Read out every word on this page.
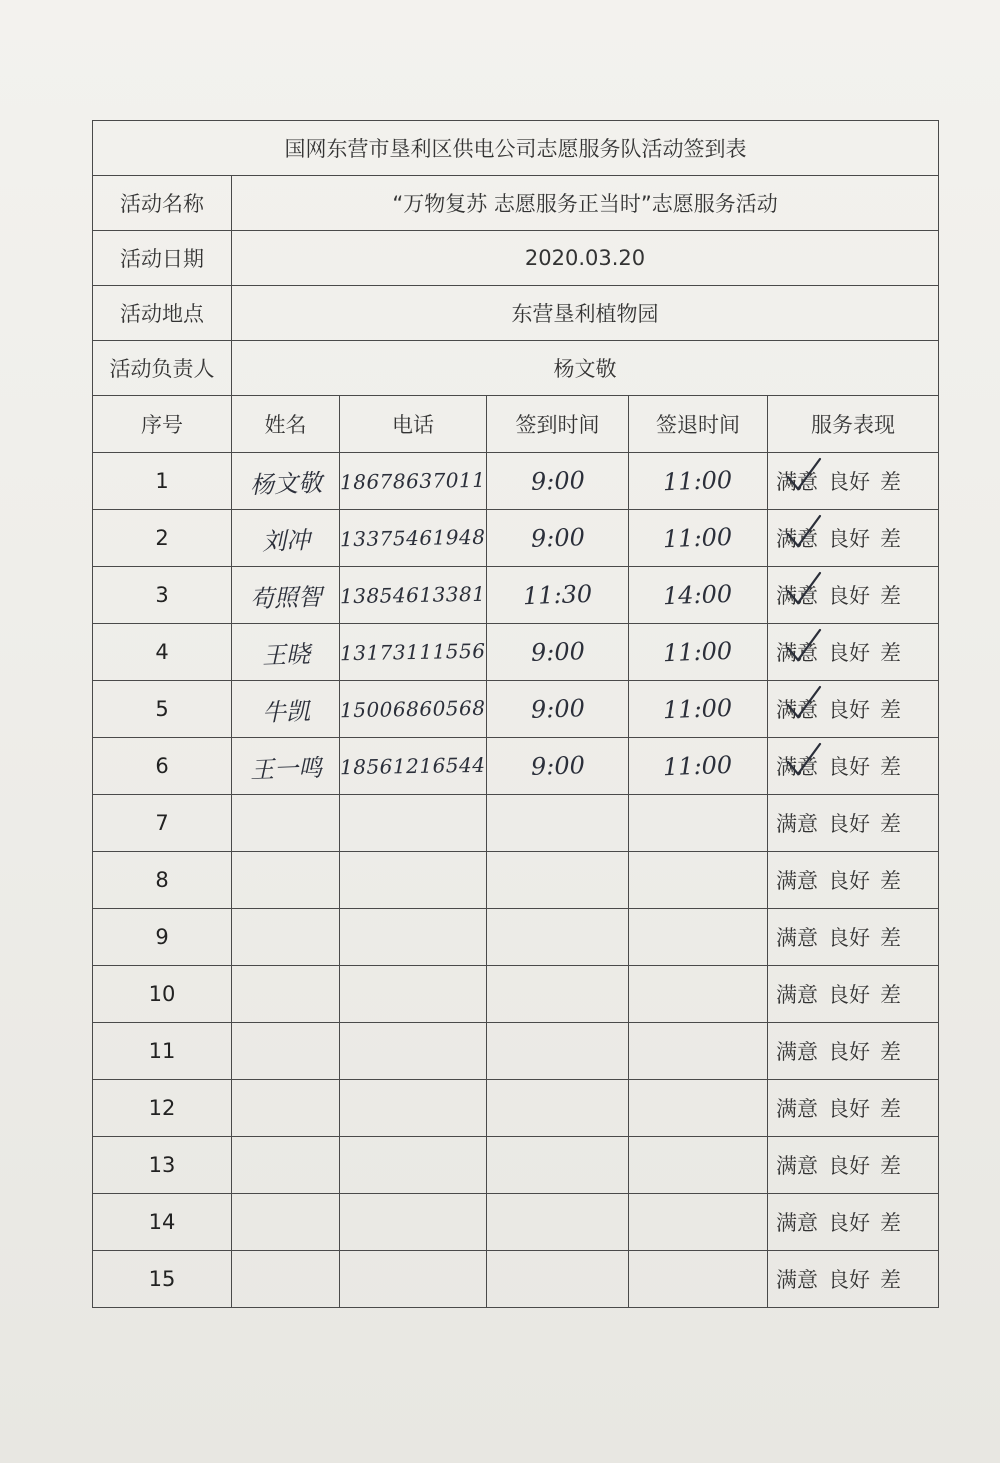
国网东营市垦利区供电公司志愿服务队活动签到表					
活动名称	“万物复苏 志愿服务正当时”志愿服务活动				
活动日期	2020.03.20				
活动地点	东营垦利植物园				
活动负责人	杨文敬				
序号	姓名	电话	签到时间	签退时间	服务表现
1	杨文敬	18678637011	9:00	11:00	满意 良好 差

2	刘冲	13375461948	9:00	11:00	满意 良好 差

3	苟照智	13854613381	11:30	14:00	满意 良好 差

4	王晓	13173111556	9:00	11:00	满意 良好 差

5	牛凯	15006860568	9:00	11:00	满意 良好 差

6	王一鸣	18561216544	9:00	11:00	满意 良好 差

7					满意 良好 差
8					满意 良好 差
9					满意 良好 差
10					满意 良好 差
11					满意 良好 差
12					满意 良好 差
13					满意 良好 差
14					满意 良好 差
15					满意 良好 差
